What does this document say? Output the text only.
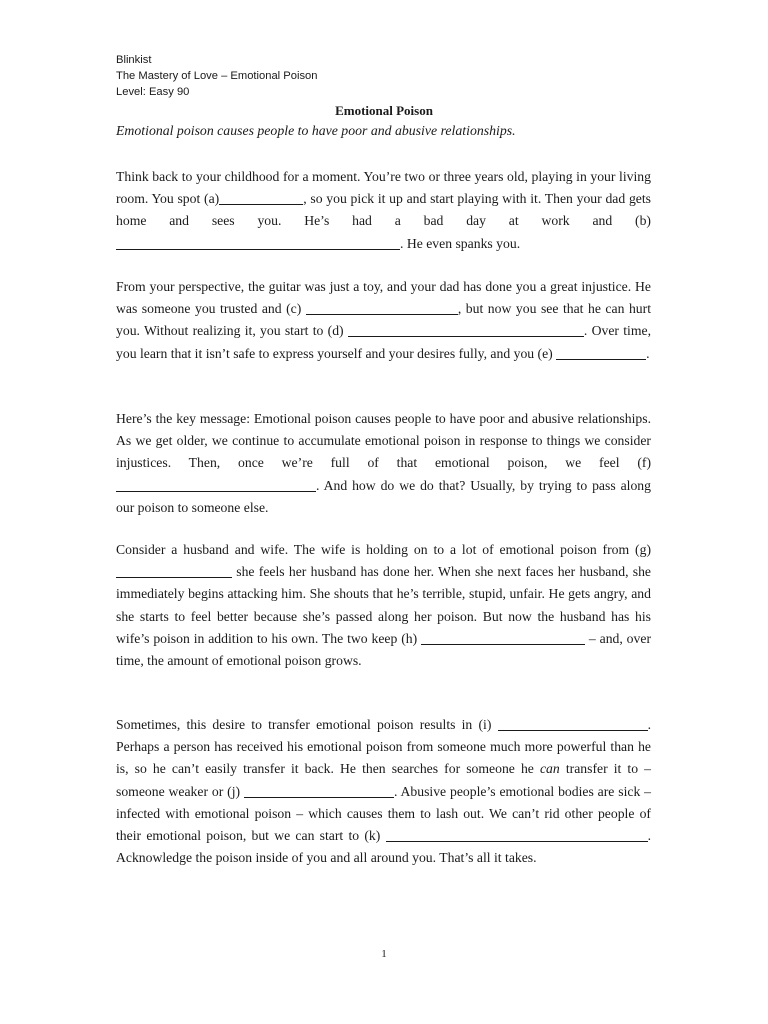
Blinkist
The Mastery of Love – Emotional Poison
Level: Easy 90
Emotional Poison
Emotional poison causes people to have poor and abusive relationships.
Think back to your childhood for a moment. You’re two or three years old, playing in your living room. You spot (a)	, so you pick it up and start playing with it. Then your dad gets home and sees you. He’s had a bad day at work and (b) . He even spanks you.
From your perspective, the guitar was just a toy, and your dad has done you a great injustice. He was someone you trusted and (c)	, but now you see that he can hurt you. Without realizing it, you start to (d)	. Over time, you learn that it isn’t safe to express yourself and your desires fully, and you (e)	.
Here’s the key message: Emotional poison causes people to have poor and abusive relationships. As we get older, we continue to accumulate emotional poison in response to things we consider injustices. Then, once we’re full of that emotional poison, we feel (f) . And how do we do that? Usually, by trying to pass along our poison to someone else.
Consider a husband and wife. The wife is holding on to a lot of emotional poison from (g)  she feels her husband has done her. When she next faces her husband, she immediately begins attacking him. She shouts that he’s terrible, stupid, unfair. He gets angry, and she starts to feel better because she’s passed along her poison. But now the husband has his wife’s poison in addition to his own. The two keep (h)	– and, over time, the amount of emotional poison grows.
Sometimes, this desire to transfer emotional poison results in (i)	. Perhaps a person has received his emotional poison from someone much more powerful than he is, so he can’t easily transfer it back. He then searches for someone he can transfer it to – someone weaker or (j)	. Abusive people’s emotional bodies are sick – infected with emotional poison – which causes them to lash out. We can’t rid other people of their emotional poison, but we can start to (k)	. Acknowledge the poison inside of you and all around you. That’s all it takes.
1
